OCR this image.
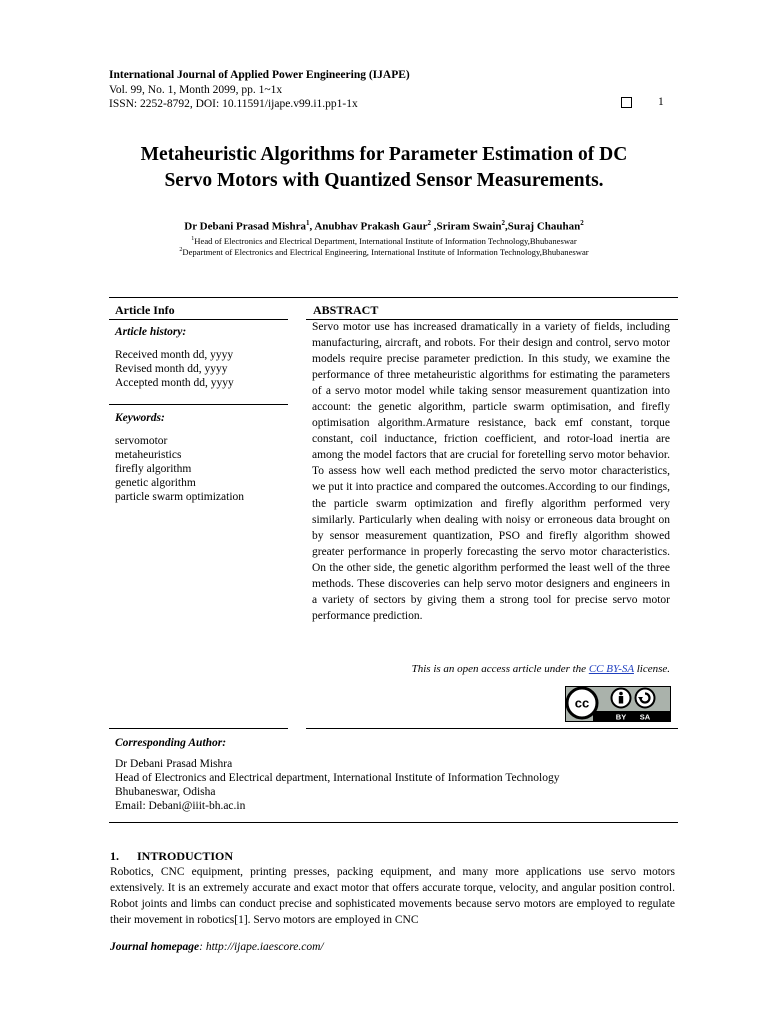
International Journal of Applied Power Engineering (IJAPE)
Vol. 99, No. 1, Month 2099, pp. 1~1x
ISSN: 2252-8792, DOI: 10.11591/ijape.v99.i1.pp1-1x	1
Metaheuristic Algorithms for Parameter Estimation of DC
Servo Motors with Quantized Sensor Measurements.
Dr Debani Prasad Mishra$^1$, Anubhav Prakash Gaur$^2$ ,Sriram Swain$^2$,Suraj Chauhan$^2$
$^1$Head of Electronics and Electrical Department, International Institute of Information Technology,Bhubaneswar
$^2$Department of Electronics and Electrical Engineering, International Institute of Information Technology,Bhubaneswar
Article Info
Article history:
Received month dd, yyyy
Revised month dd, yyyy
Accepted month dd, yyyy
Keywords:
servomotor
metaheuristics
firefly algorithm
genetic algorithm
particle swarm optimization
ABSTRACT
Servo motor use has increased dramatically in a variety of fields, including manufacturing, aircraft, and robots. For their design and control, servo motor models require precise parameter prediction. In this study, we examine the performance of three metaheuristic algorithms for estimating the parameters of a servo motor model while taking sensor measurement quantization into account: the genetic algorithm, particle swarm optimisation, and firefly optimisation algorithm.Armature resistance, back emf constant, torque constant, coil inductance, friction coefficient, and rotor-load inertia are among the model factors that are crucial for foretelling servo motor behavior. To assess how well each method predicted the servo motor characteristics, we put it into practice and compared the outcomes.According to our findings, the particle swarm optimization and firefly algorithm performed very similarly. Particularly when dealing with noisy or erroneous data brought on by sensor measurement quantization, PSO and firefly algorithm showed greater performance in properly forecasting the servo motor characteristics. On the other side, the genetic algorithm performed the least well of the three methods. These discoveries can help servo motor designers and engineers in a variety of sectors by giving them a strong tool for precise servo motor performance prediction.
This is an open access article under the CC BY-SA license.
cc
BY SA
Corresponding Author:
Dr Debani Prasad Mishra
Head of Electronics and Electrical department, International Institute of Information Technology
Bhubaneswar, Odisha
Email: Debani@iiit-bh.ac.in
1. INTRODUCTION
Robotics, CNC equipment, printing presses, packing equipment, and many more applications use servo motors extensively. It is an extremely accurate and exact motor that offers accurate torque, velocity, and angular position control. Robot joints and limbs can conduct precise and sophisticated movements because servo motors are employed to regulate their movement in robotics[1]. Servo motors are employed in CNC
Journal homepage: http://ijape.iaescore.com/
